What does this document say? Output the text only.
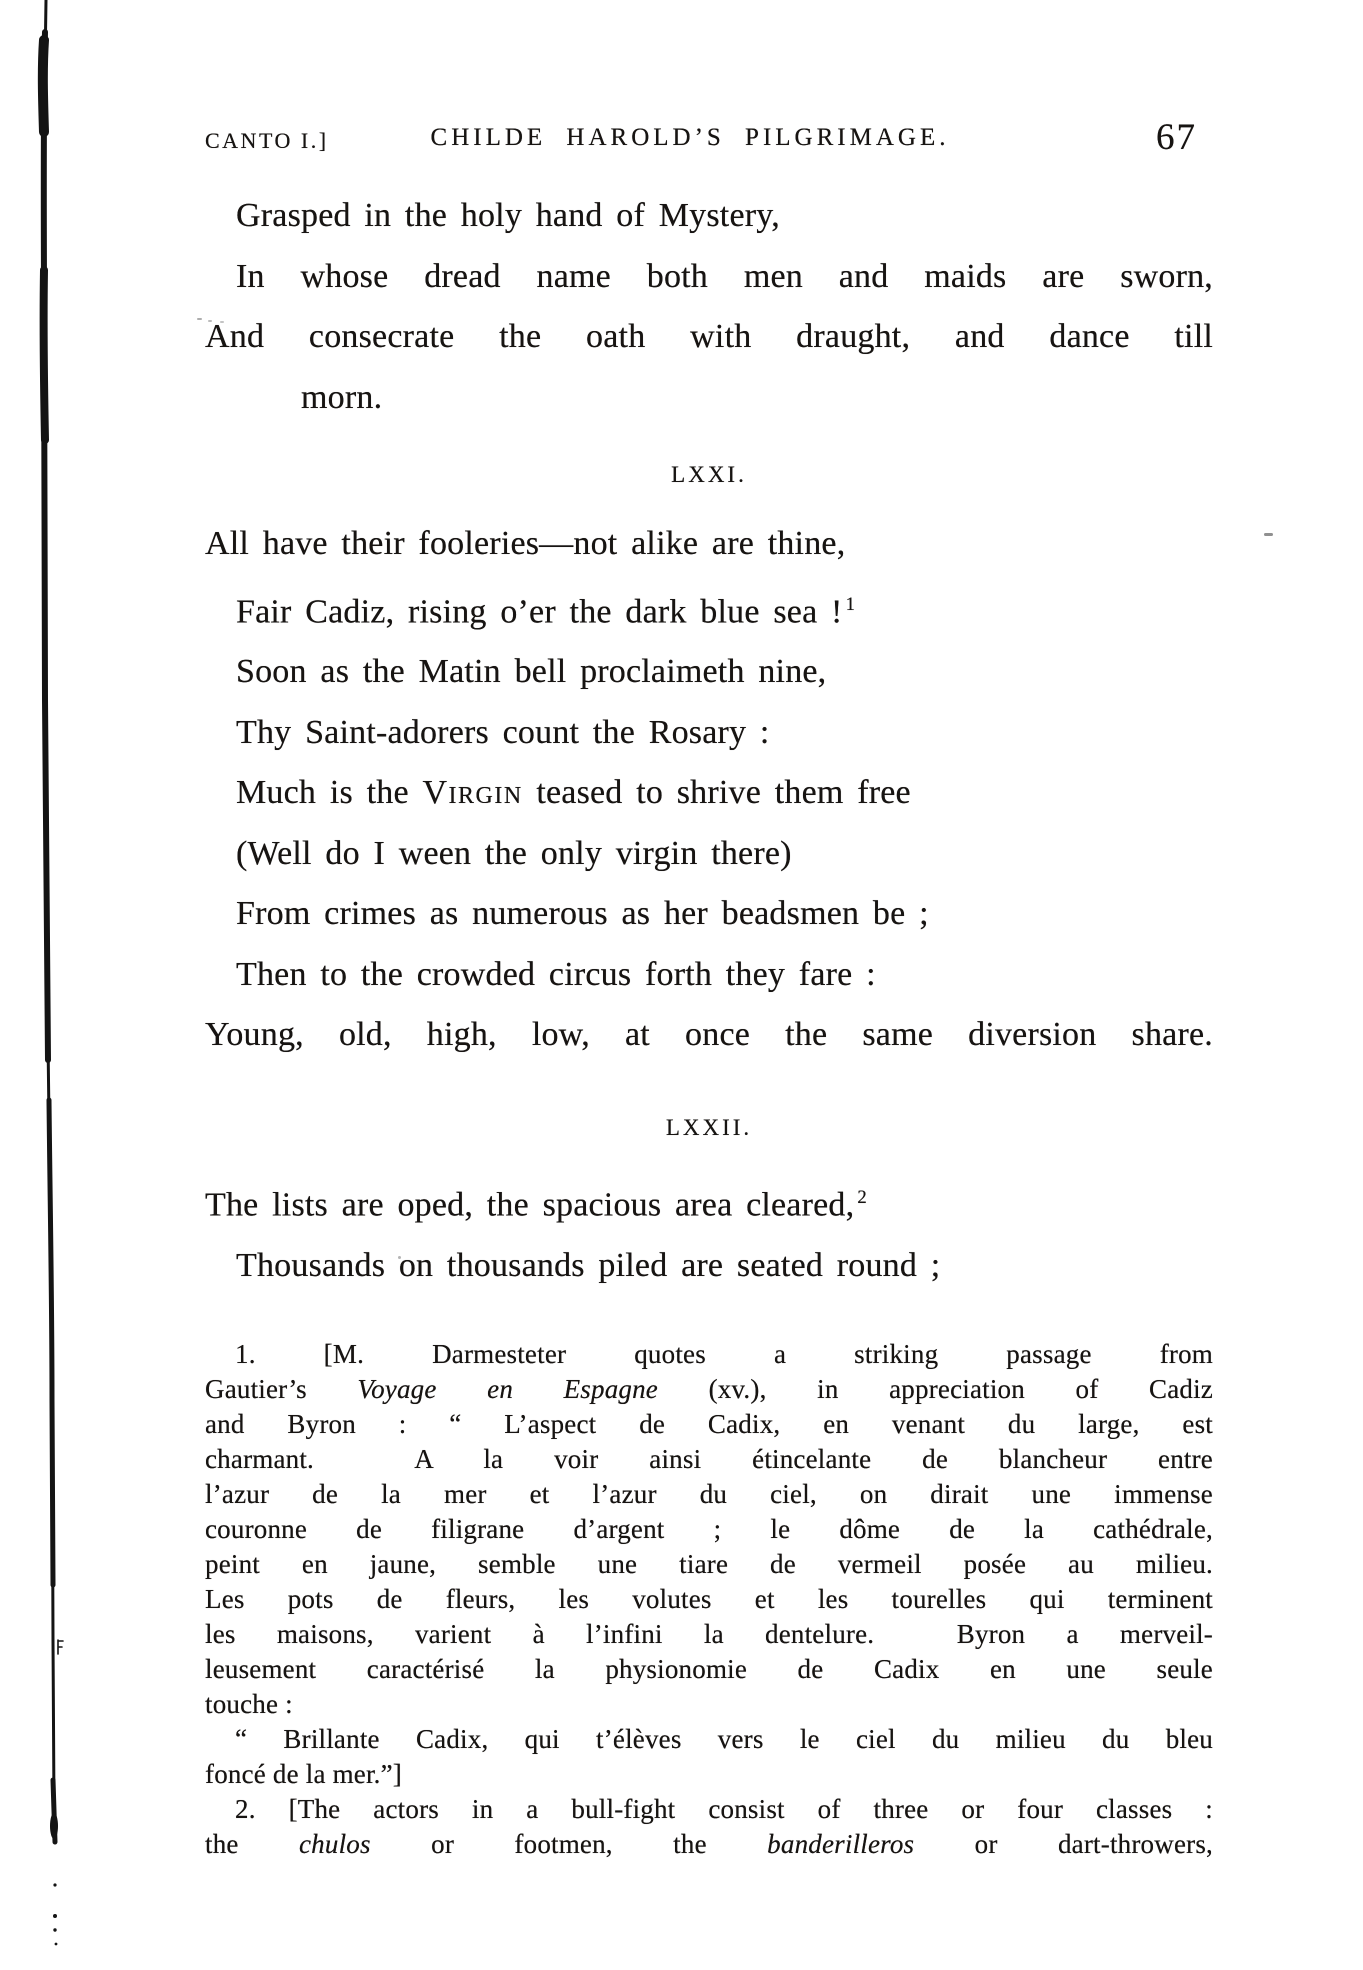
CANTO I.]	CHILDE HAROLD’S PILGRIMAGE.	67
Grasped in the holy hand of Mystery,
In whose dread name both men and maids are sworn,
And consecrate the oath with draught, and dance till
morn.
LXXI.
All have their fooleries—not alike are thine,
Fair Cadiz, rising o’er the dark blue sea ! $^1$
Soon as the Matin bell proclaimeth nine,
Thy Saint-adorers count the Rosary :
Much is the Virgin teased to shrive them free
(Well do I ween the only virgin there)
From crimes as numerous as her beadsmen be ;
Then to the crowded circus forth they fare :
Young, old, high, low, at once the same diversion share.
LXXII.
The lists are oped, the spacious area cleared, $^2$
Thousands on thousands piled are seated round ;
1. [M. Darmesteter quotes a striking passage from
Gautier’s Voyage en Espagne (xv.), in appreciation of Cadiz
and Byron : “ L’aspect de Cadix, en venant du large, est
charmant.  A la voir ainsi étincelante de blancheur entre
l’azur de la mer et l’azur du ciel, on dirait une immense
couronne de filigrane d’argent ; le dôme de la cathédrale,
peint en jaune, semble une tiare de vermeil posée au milieu.
Les pots de fleurs, les volutes et les tourelles qui terminent
les maisons, varient à l’infini la dentelure.  Byron a merveil-
leusement caractérisé la physionomie de Cadix en une seule
touche :
“ Brillante Cadix, qui t’élèves vers le ciel du milieu du bleu
foncé de la mer.”]
2. [The actors in a bull-fight consist of three or four classes :
the chulos or footmen, the banderilleros or dart-throwers,
